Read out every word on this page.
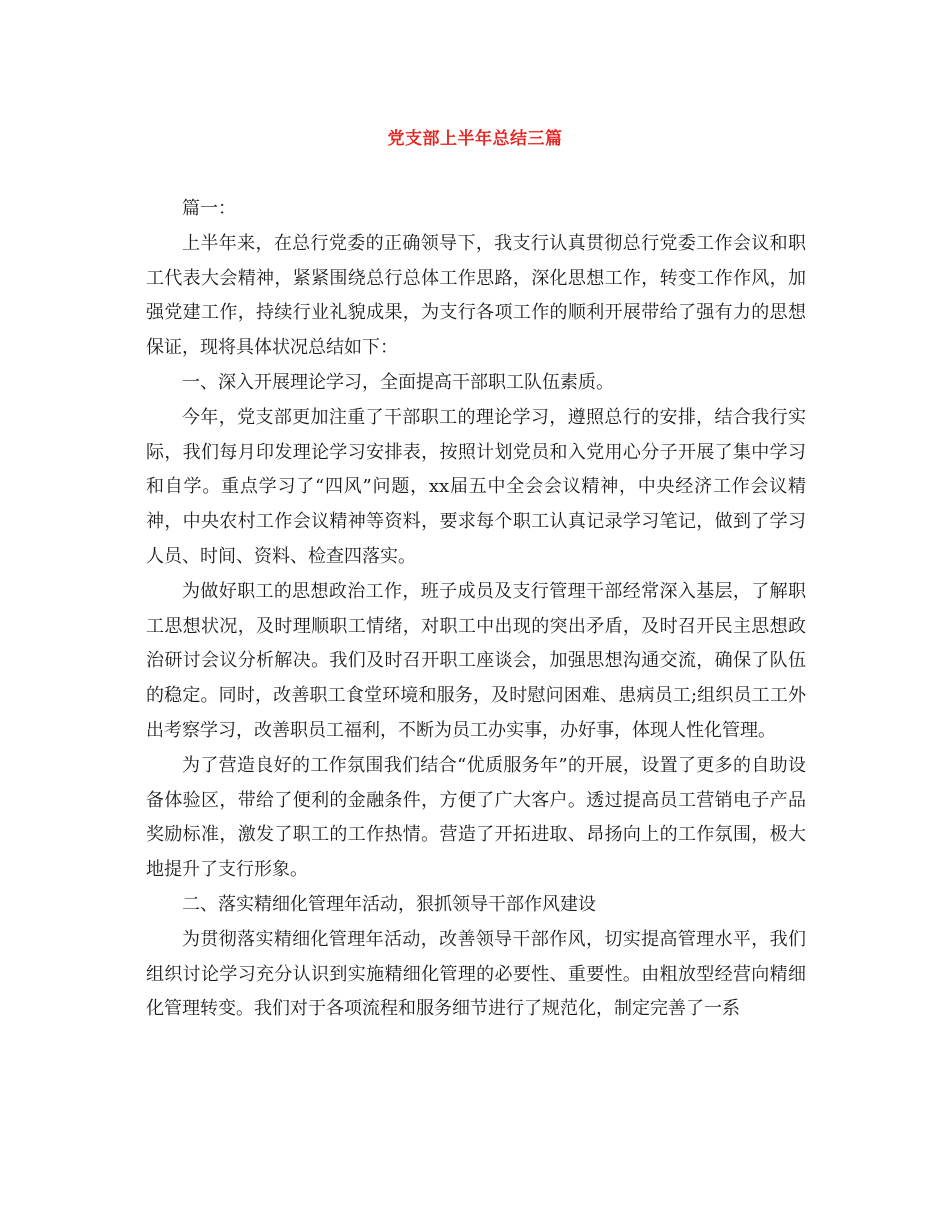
党支部上半年总结三篇

篇一：

上半年来，在总行党委的正确领导下，我支行认真贯彻总行党委工作会议和职工代表大会精神，紧紧围绕总行总体工作思路，深化思想工作，转变工作作风，加强党建工作，持续行业礼貌成果，为支行各项工作的顺利开展带给了强有力的思想保证，现将具体状况总结如下：

一、深入开展理论学习，全面提高干部职工队伍素质。

今年，党支部更加注重了干部职工的理论学习，遵照总行的安排，结合我行实际，我们每月印发理论学习安排表，按照计划党员和入党用心分子开展了集中学习和自学。重点学习了“四风”问题，xx届五中全会会议精神，中央经济工作会议精神，中央农村工作会议精神等资料，要求每个职工认真记录学习笔记，做到了学习人员、时间、资料、检查四落实。

为做好职工的思想政治工作，班子成员及支行管理干部经常深入基层，了解职工思想状况，及时理顺职工情绪，对职工中出现的突出矛盾，及时召开民主思想政治研讨会议分析解决。我们及时召开职工座谈会，加强思想沟通交流，确保了队伍的稳定。同时，改善职工食堂环境和服务，及时慰问困难、患病员工;组织员工工外出考察学习，改善职员工福利，不断为员工办实事，办好事，体现人性化管理。

为了营造良好的工作氛围我们结合“优质服务年”的开展，设置了更多的自助设备体验区，带给了便利的金融条件，方便了广大客户。透过提高员工营销电子产品奖励标准，激发了职工的工作热情。营造了开拓进取、昂扬向上的工作氛围，极大地提升了支行形象。

二、落实精细化管理年活动，狠抓领导干部作风建设

为贯彻落实精细化管理年活动，改善领导干部作风，切实提高管理水平，我们组织讨论学习充分认识到实施精细化管理的必要性、重要性。由粗放型经营向精细化管理转变。我们对于各项流程和服务细节进行了规范化，制定完善了一系
